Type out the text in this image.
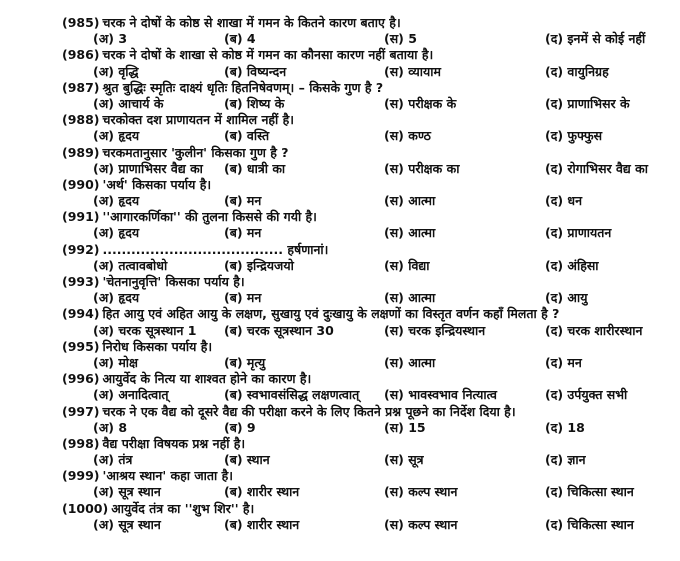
(985) चरक ने दोषों के कोष्ठ से शाखा में गमन के कितने कारण बताए है।
(अ) 3	(ब) 4	(स) 5	(द) इनमें से कोई नहीं
(986) चरक ने दोषों के शाखा से कोष्ठ में गमन का कौनसा कारण नहीं बताया है।
(अ) वृद्धि	(ब) विष्यन्दन	(स) व्यायाम	(द) वायुनिग्रह
(987) श्रुत बुद्धिः स्मृतिः दाक्ष्यं धृतिः हितनिषेवणम्। – किसके गुण है ?
(अ) आचार्य के	(ब) शिष्य के	(स) परीक्षक के	(द) प्राणाभिसर के
(988) चरकोक्त दश प्राणायतन में शामिल नहीं है।
(अ) हृदय	(ब) वस्ति	(स) कण्ठ	(द) फुफ्फुस
(989) चरकमतानुसार 'कुलीन' किसका गुण है ?
(अ) प्राणाभिसर वैद्य का (ब) धात्री का	(स) परीक्षक का	(द) रोगाभिसर वैद्य का
(990) 'अर्थ' किसका पर्याय है।
(अ) हृदय	(ब) मन	(स) आत्मा	(द) धन
(991) ''आगारकर्णिका'' की तुलना किससे की गयी है।
(अ) हृदय	(ब) मन	(स) आत्मा	(द) प्राणायतन
(992) ...................................... हर्षणानां।
(अ) तत्वावबोधो	(ब) इन्द्रियजयो	(स) विद्या	(द) अंहिसा
(993) 'चेतनानुवृत्ति' किसका पर्याय है।
(अ) हृदय	(ब) मन	(स) आत्मा	(द) आयु
(994) हित आयु एवं अहित आयु के लक्षण, सुखायु एवं दुःखायु के लक्षणों का विस्तृत वर्णन कहाँ मिलता है ?
(अ) चरक सूत्रस्थान 1 (ब) चरक सूत्रस्थान 30	(स) चरक इन्द्रियस्थान	(द) चरक शारीरस्थान
(995) निरोध किसका पर्याय है।
(अ) मोक्ष	(ब) मृत्यु	(स) आत्मा	(द) मन
(996) आयुर्वेद के नित्य या शाश्वत होने का कारण है।
(अ) अनादित्वात्	(ब) स्वभावसंसिद्ध लक्षणत्वात् (स) भावस्वभाव नित्यात्व	(द) उर्पयुक्त सभी
(997) चरक ने एक वैद्य को दूसरे वैद्य की परीक्षा करने के लिए कितने प्रश्न पूछने का निर्देश दिया है।
(अ) 8	(ब) 9	(स) 15	(द) 18
(998) वैद्य परीक्षा विषयक प्रश्न नहीं है।
(अ) तंत्र	(ब) स्थान	(स) सूत्र	(द) ज्ञान
(999) 'आश्रय स्थान' कहा जाता है।
(अ) सूत्र स्थान	(ब) शारीर स्थान	(स) कल्प स्थान	(द) चिकित्सा स्थान
(1000) आयुर्वेद तंत्र का ''शुभ शिर'' है।
(अ) सूत्र स्थान	(ब) शारीर स्थान	(स) कल्प स्थान	(द) चिकित्सा स्थान
